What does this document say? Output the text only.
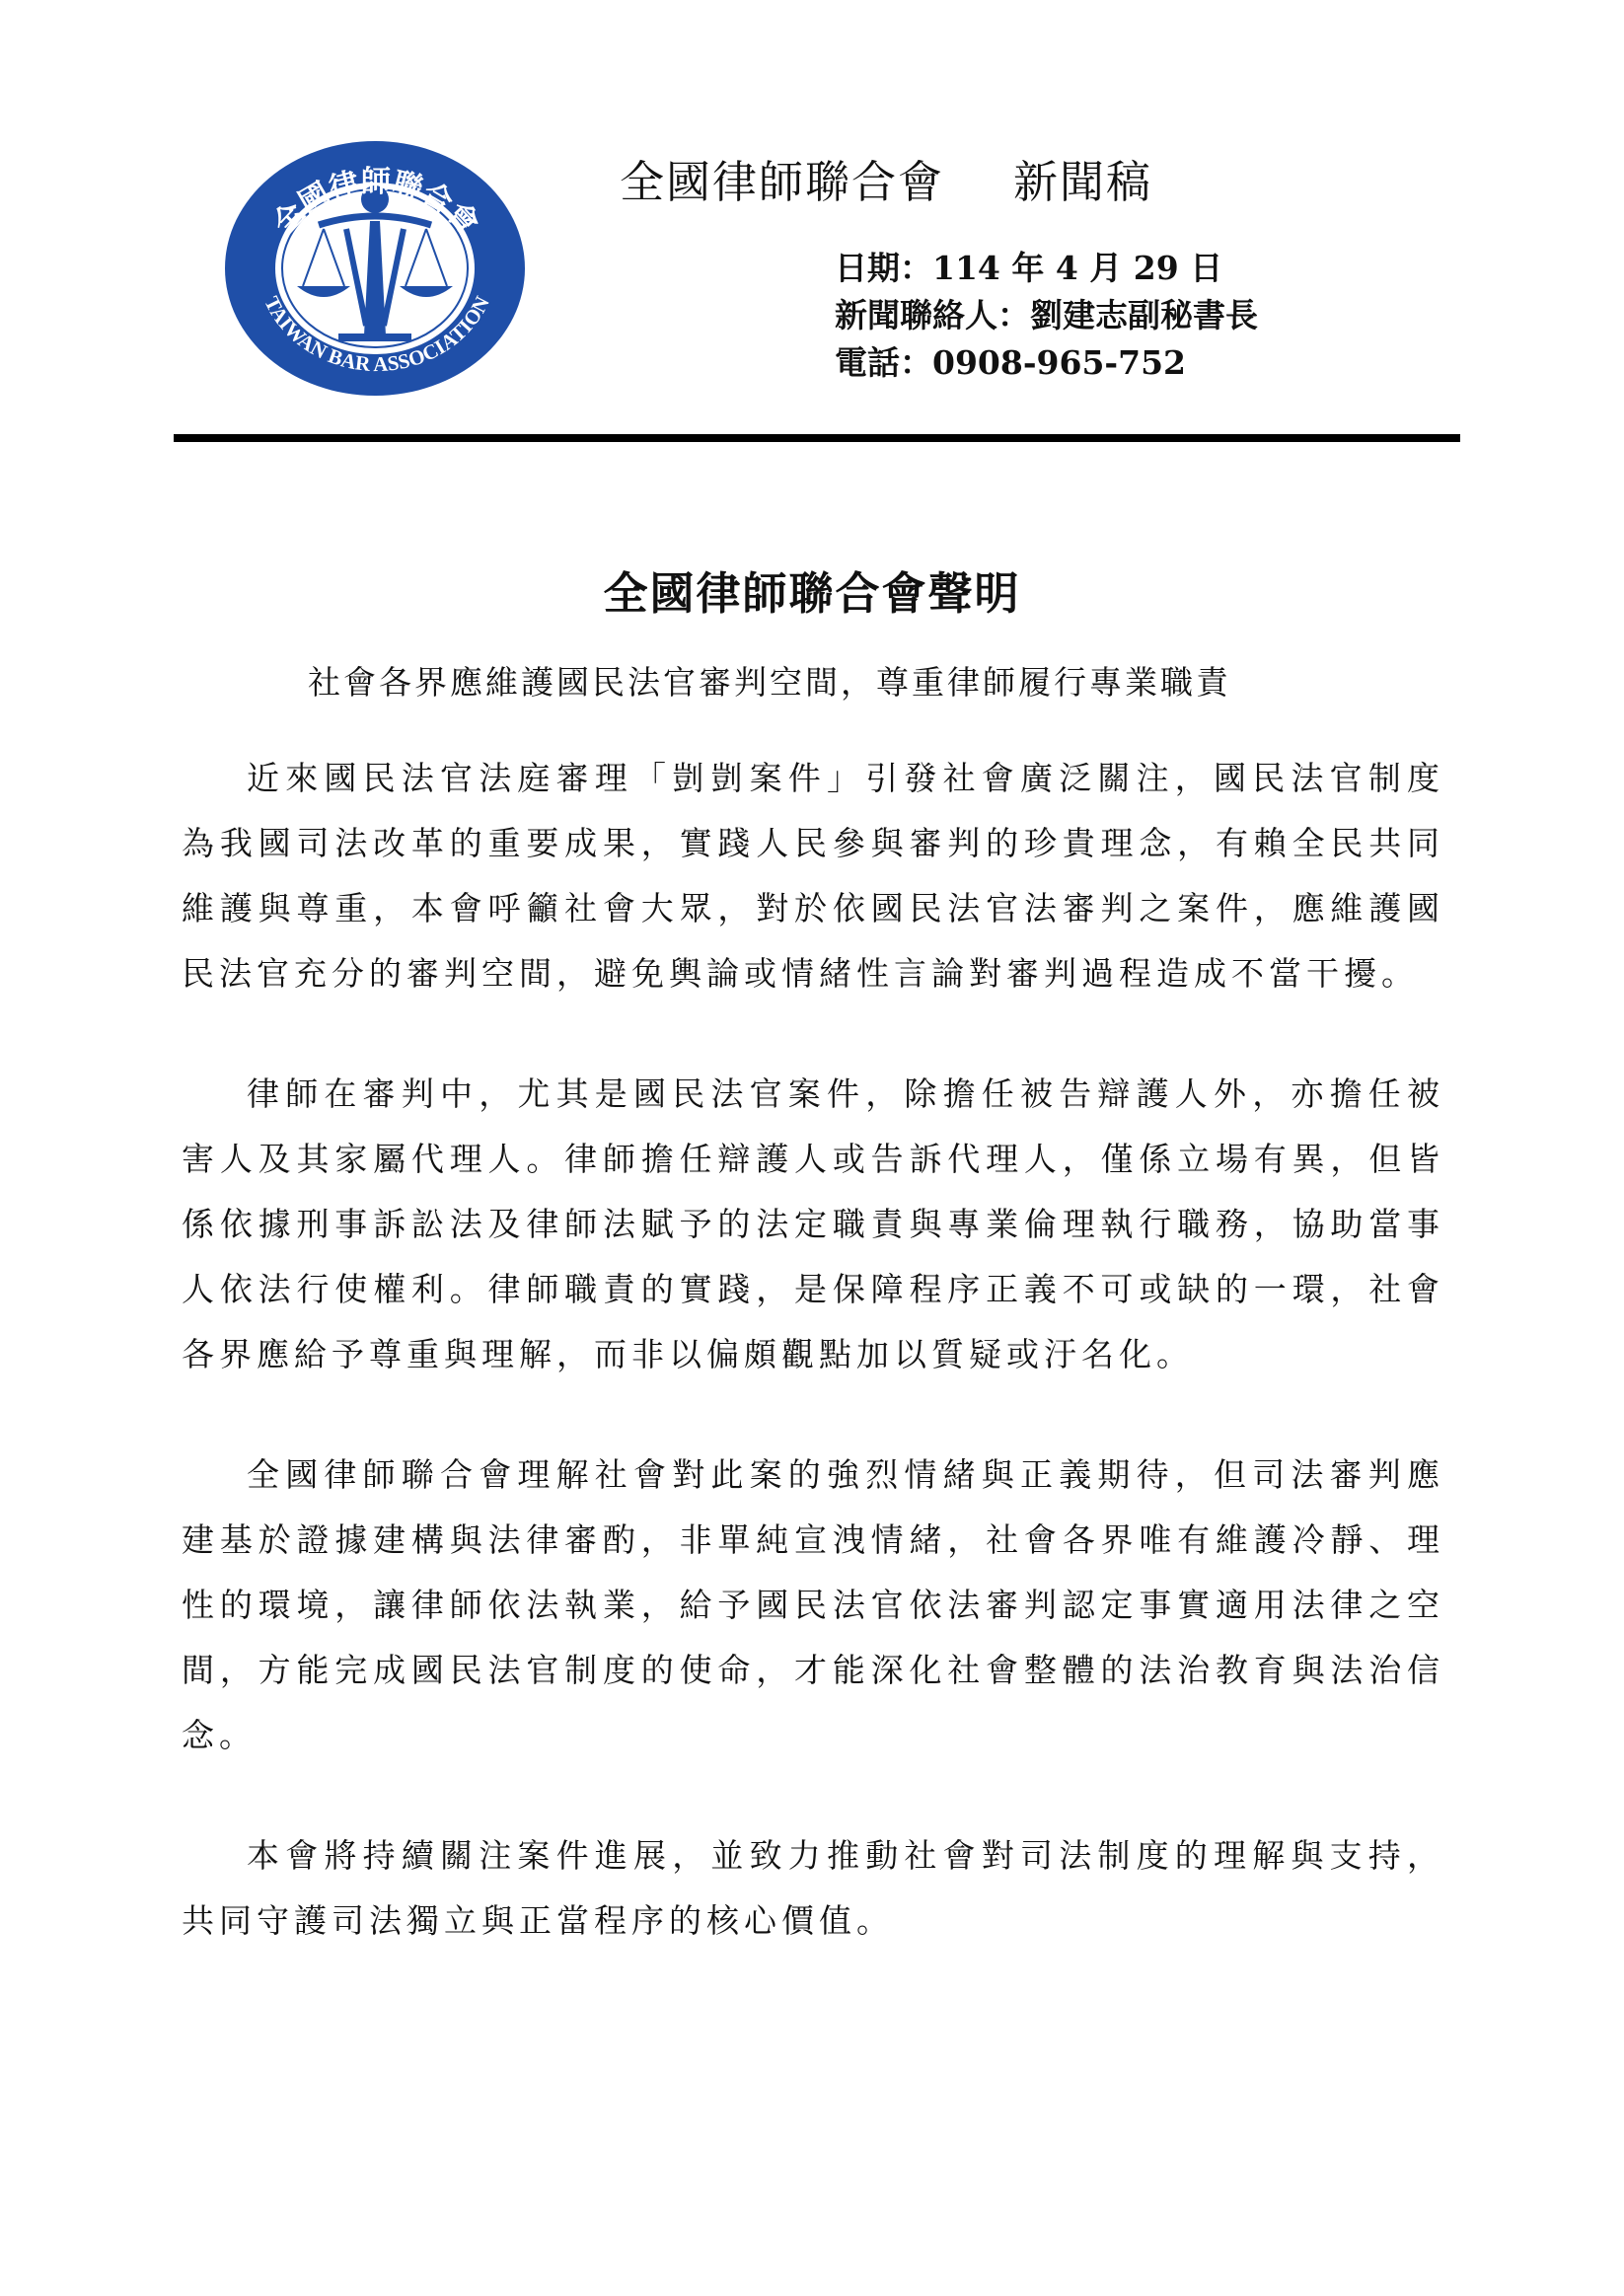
全國律師聯合會
TAIWAN BAR ASSOCIATION
全國律師聯合會 新聞稿
日期：114 年 4 月 29 日
新聞聯絡人：劉建志副秘書長
電話：0908-965-752
全國律師聯合會聲明
社會各界應維護國民法官審判空間，尊重律師履行專業職責

近來國民法官法庭審理「剴剴案件」引發社會廣泛關注，國民法官制度為我國司法改革的重要成果，實踐人民參與審判的珍貴理念，有賴全民共同維護與尊重，本會呼籲社會大眾，對於依國民法官法審判之案件，應維護國民法官充分的審判空間，避免輿論或情緒性言論對審判過程造成不當干擾。

律師在審判中，尤其是國民法官案件，除擔任被告辯護人外，亦擔任被害人及其家屬代理人。律師擔任辯護人或告訴代理人，僅係立場有異，但皆係依據刑事訴訟法及律師法賦予的法定職責與專業倫理執行職務，協助當事人依法行使權利。律師職責的實踐，是保障程序正義不可或缺的一環，社會各界應給予尊重與理解，而非以偏頗觀點加以質疑或汙名化。

全國律師聯合會理解社會對此案的強烈情緒與正義期待，但司法審判應建基於證據建構與法律審酌，非單純宣洩情緒，社會各界唯有維護冷靜、理性的環境，讓律師依法執業，給予國民法官依法審判認定事實適用法律之空間，方能完成國民法官制度的使命，才能深化社會整體的法治教育與法治信念。

本會將持續關注案件進展，並致力推動社會對司法制度的理解與支持，共同守護司法獨立與正當程序的核心價值。
